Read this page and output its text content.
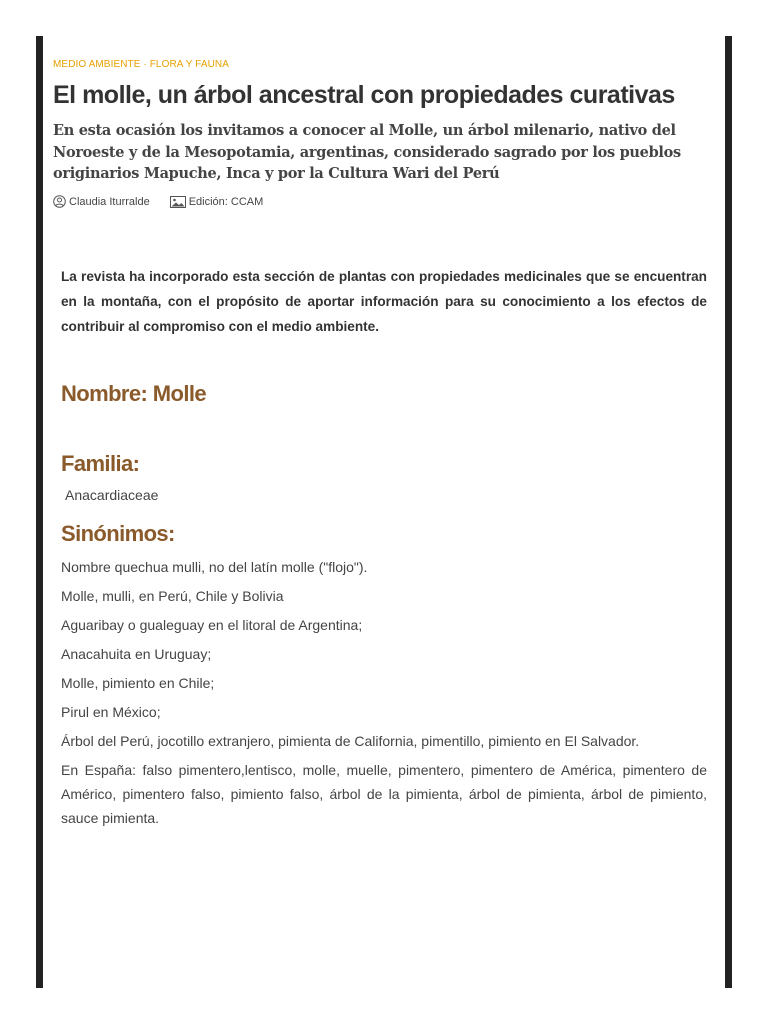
MEDIO AMBIENTE · FLORA Y FAUNA

El molle, un árbol ancestral con propiedades curativas

En esta ocasión los invitamos a conocer al Molle, un árbol milenario, nativo del Noroeste y de la Mesopotamia, argentinas, considerado sagrado por los pueblos originarios Mapuche, Inca y por la Cultura Wari del Perú

Claudia Iturralde	Edición: CCAM

La revista ha incorporado esta sección de plantas con propiedades medicinales que se encuentran en la montaña, con el propósito de aportar información para su conocimiento a los efectos de contribuir al compromiso con el medio ambiente.

Nombre: Molle
Familia:

Anacardiaceae

Sinónimos:
Nombre quechua mulli, no del latín molle ("flojo").
Molle, mulli, en Perú, Chile y Bolivia
Aguaribay o gualeguay en el litoral de Argentina;
Anacahuita en Uruguay;
Molle, pimiento en Chile;
Pirul en México;
Árbol del Perú, jocotillo extranjero, pimienta de California, pimentillo, pimiento en El Salvador.
En España: falso pimentero,lentisco, molle, muelle, pimentero, pimentero de América, pimentero de Américo, pimentero falso, pimiento falso, árbol de la pimienta, árbol de pimienta, árbol de pimiento, sauce pimienta.
